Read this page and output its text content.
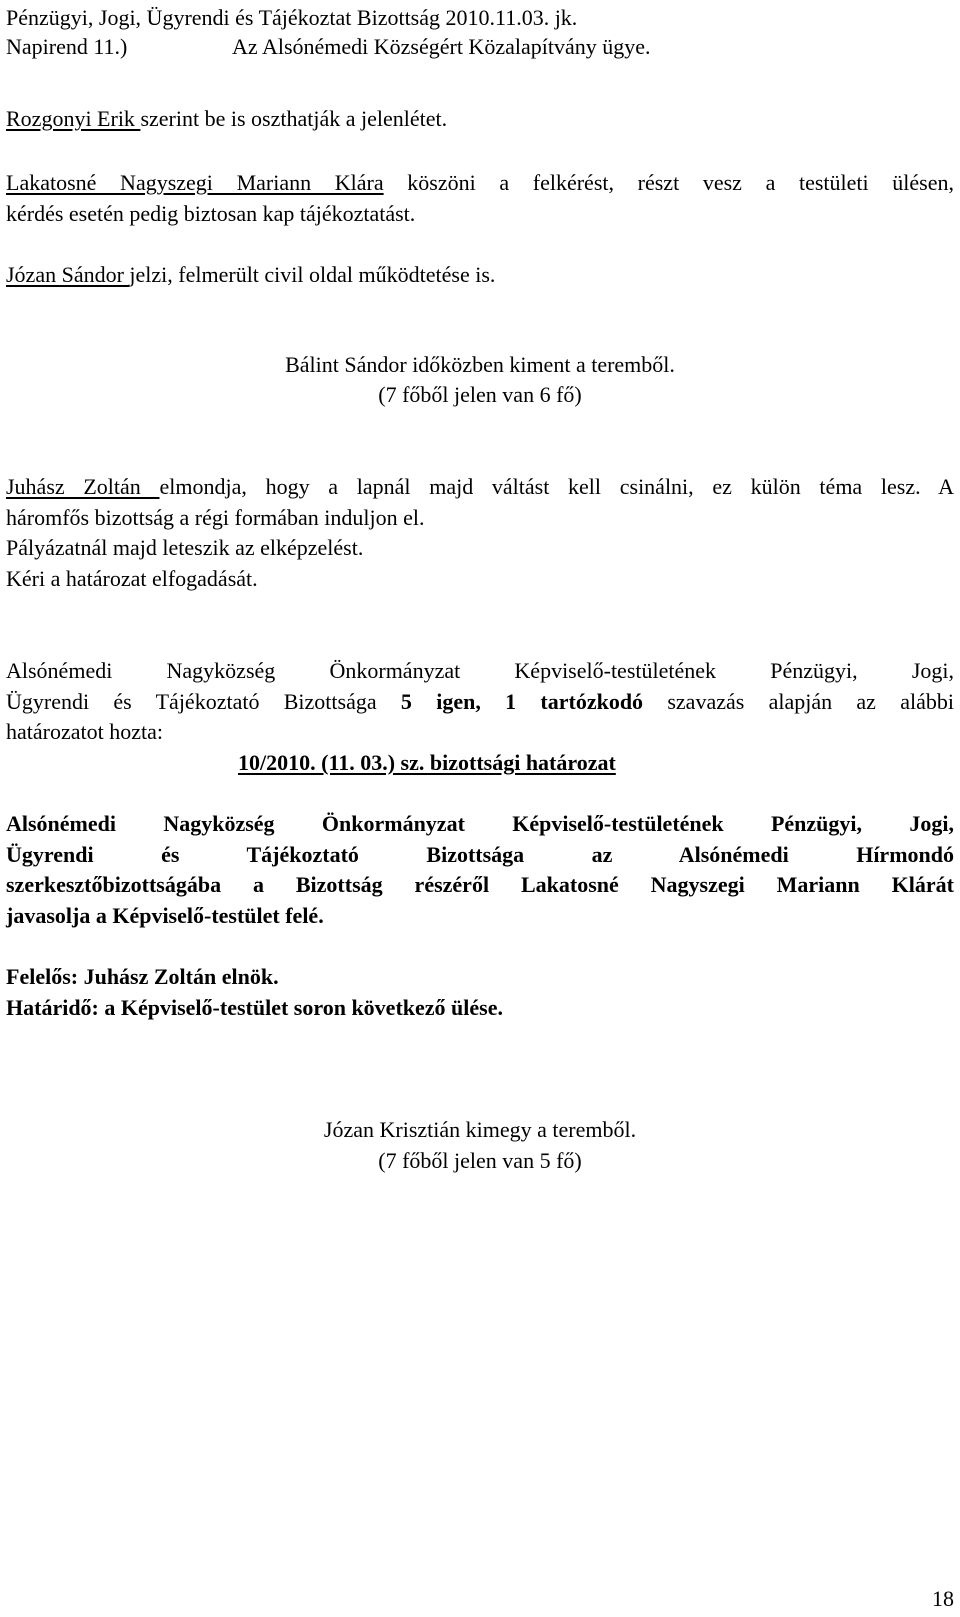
Pénzügyi, Jogi, Ügyrendi és Tájékoztat Bizottság 2010.11.03. jk.
Napirend 11.)	Az Alsónémedi Községért Közalapítvány ügye.
Rozgonyi Erik szerint be is oszthatják a jelenlétet.
Lakatosné Nagyszegi Mariann Klára köszöni a felkérést, részt vesz a testületi ülésen,
kérdés esetén pedig biztosan kap tájékoztatást.
Józan Sándor jelzi, felmerült civil oldal működtetése is.
Bálint Sándor időközben kiment a teremből.
(7 főből jelen van 6 fő)
Juhász Zoltán elmondja, hogy a lapnál majd váltást kell csinálni, ez külön téma lesz. A
háromfős bizottság a régi formában induljon el.
Pályázatnál majd leteszik az elképzelést.
Kéri a határozat elfogadását.
Alsónémedi Nagyközség Önkormányzat Képviselő-testületének Pénzügyi, Jogi,
Ügyrendi és Tájékoztató Bizottsága 5 igen, 1 tartózkodó szavazás alapján az alábbi
határozatot hozta:
10/2010. (11. 03.) sz. bizottsági határozat
Alsónémedi Nagyközség Önkormányzat Képviselő-testületének Pénzügyi, Jogi,
Ügyrendi és Tájékoztató Bizottsága az Alsónémedi Hírmondó
szerkesztőbizottságába a Bizottság részéről Lakatosné Nagyszegi Mariann Klárát
javasolja a Képviselő-testület felé.
Felelős: Juhász Zoltán elnök.
Határidő: a Képviselő-testület soron következő ülése.
Józan Krisztián kimegy a teremből.
(7 főből jelen van 5 fő)
18
